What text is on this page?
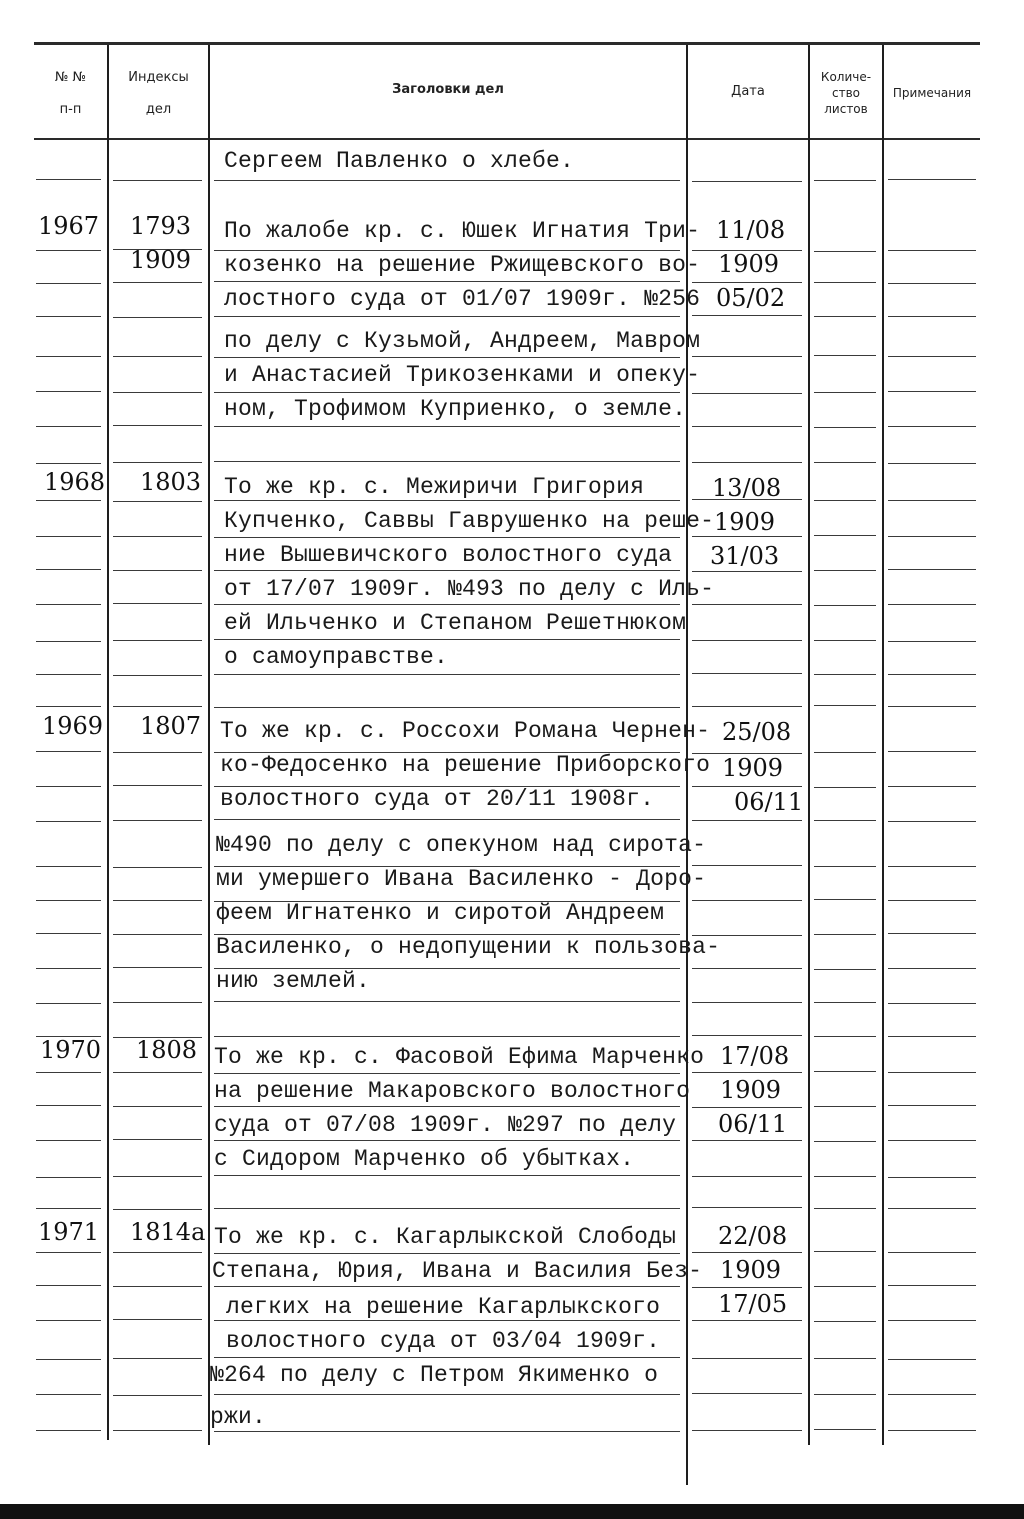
№ №
п-п
Индексы
дел
Заголовки дел	Дата
Количе-
ство
листов
Примечания
Сергеем Павленко о хлебе.
1967 1793
1909
По жалобе кр. с. Юшек Игнатия Три-
козенко на решение Ржищевского во-
лостного суда от 01/07 1909г. №256
по делу с Кузьмой, Андреем, Мавром
и Анастасией Трикозенками и опеку-
ном, Трофимом Куприенко, о земле.
11/08
1909
05/02
1968 1803 То же кр. с. Межиричи Григория
Купченко, Саввы Гаврушенко на реше-
ние Вышевичского волостного суда
от 17/07 1909г. №493 по делу с Иль-
ей Ильченко и Степаном Решетнюком
о самоуправстве.
13/08
1909
31/03
1969 1807 То же кр. с. Россохи Романа Чернен-
ко-Федосенко на решение Приборского
волостного суда от 20/11 1908г.
№490 по делу с опекуном над сирота-
ми умершего Ивана Василенко - Доро-
феем Игнатенко и сиротой Андреем
Василенко, о недопущении к пользова-
нию землей.
25/08
1909
06/11
1970 1808 То же кр. с. Фасовой Ефима Марченко
на решение Макаровского волостного
суда от 07/08 1909г. №297 по делу
с Сидором Марченко об убытках.
17/08
1909
06/11
1971 1814а То же кр. с. Кагарлыкской Слободы
Степана, Юрия, Ивана и Василия Без-
легких на решение Кагарлыкского
волостного суда от 03/04 1909г.
№264 по делу с Петром Якименко о
ржи.
22/08
1909
17/05
